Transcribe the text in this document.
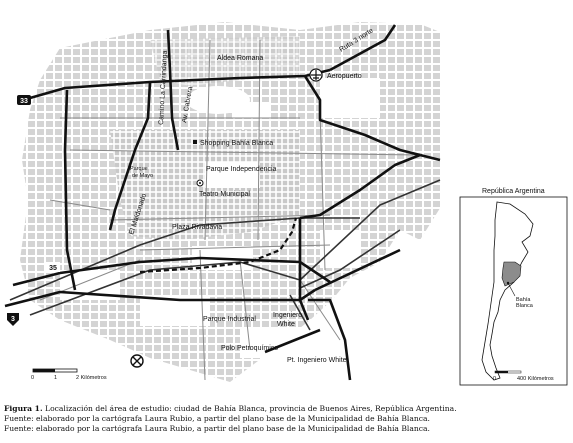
33
35
3
Aldea Romana
Aeropuerto
Shopping Bahía Blanca
Parque Independencia
Teatro Municipal
Parque
de Mayo
Plaza Rivadavia
Parque Industrial
Ingeniero
White
Polo Petroquímico
Pt. Ingeniero White
Ruta 3 norte
Camino La Carrindanga Av. Cabrera
El Maldonado
0	1	2 Kilómetros
República Argentina
Bahía
Blanca
0	400 Kilómetros
Figura 1. Localización del área de estudio: ciudad de Bahía Blanca, provincia de Buenos Aires, República Argentina.
Fuente: elaborado por la cartógrafa Laura Rubio, a partir del plano base de la Municipalidad de Bahía Blanca.
Fuente: elaborado por la cartógrafa Laura Rubio, a partir del plano base de la Municipalidad de Bahía Blanca.
